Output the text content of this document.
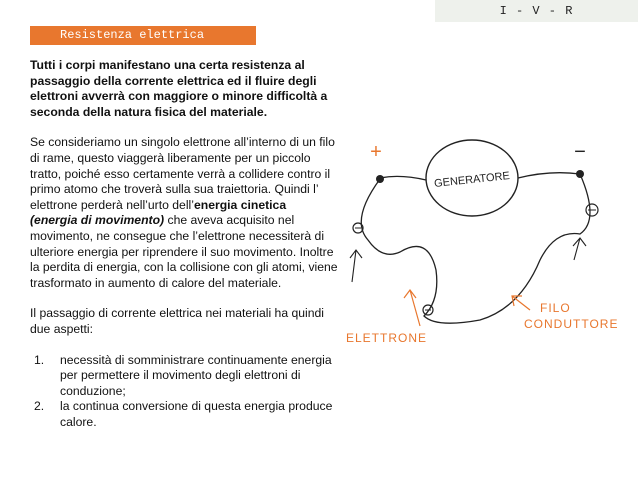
I - V - R
Resistenza elettrica

Tutti i corpi manifestano una certa resistenza al passaggio della corrente elettrica ed il fluire degli elettroni avverrà con maggiore o minore difficoltà a seconda della natura fisica del materiale.

Se consideriamo un singolo elettrone all’interno di un filo di rame, questo viaggerà liberamente per un piccolo tratto, poiché esso certamente verrà a collidere contro il primo atomo che troverà sulla sua traiettoria. Quindi l’ elettrone perderà nell’urto dell’energia cinetica
(energia di movimento) che aveva acquisito nel movimento, ne consegue che l’elettrone necessiterà di ulteriore energia per riprendere il suo movimento. Inoltre la perdita di energia, con la collisione con gli atomi, viene trasformato in aumento di calore del materiale.

Il passaggio di corrente elettrica nei materiali ha quindi due aspetti:

1. necessità di somministrare continuamente energia per permettere il movimento degli elettroni di conduzione;
2. la continua conversione di questa energia produce calore.
GENERATORE
+	−
ELETTRONE
FILO
CONDUTTORE
